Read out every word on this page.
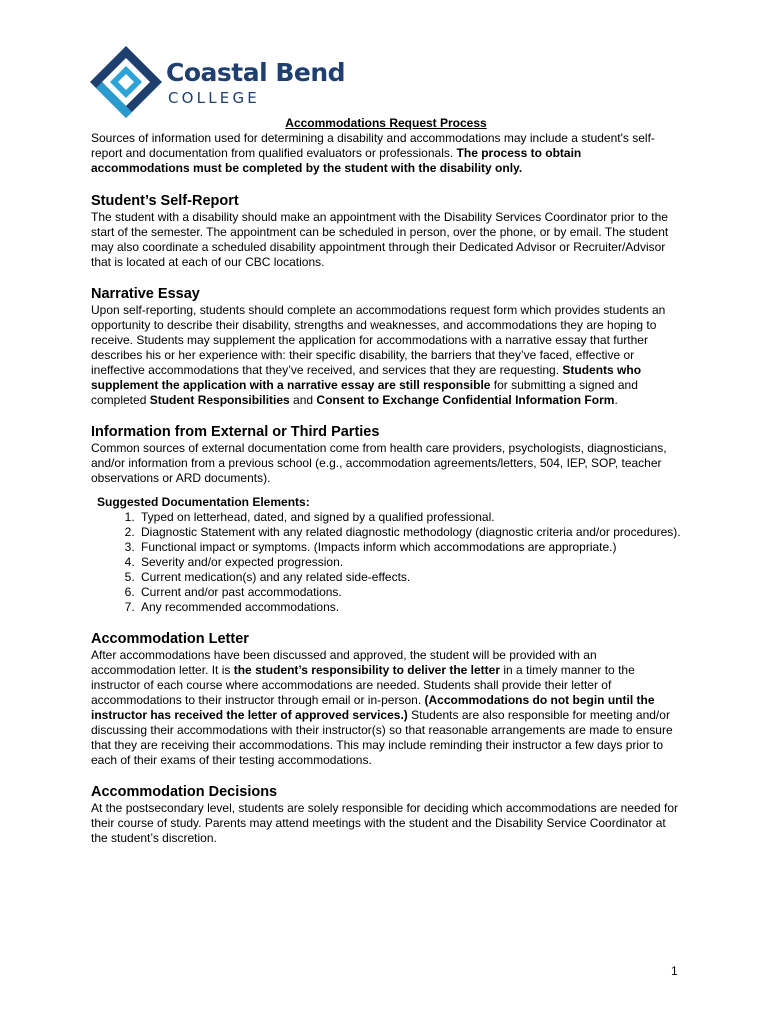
Coastal Bend
COLLEGE

Accommodations Request Process

Sources of information used for determining a disability and accommodations may include a student's self-report and documentation from qualified evaluators or professionals. The process to obtain accommodations must be completed by the student with the disability only.

Student’s Self-Report

The student with a disability should make an appointment with the Disability Services Coordinator prior to the start of the semester. The appointment can be scheduled in person, over the phone, or by email. The student may also coordinate a scheduled disability appointment through their Dedicated Advisor or Recruiter/Advisor that is located at each of our CBC locations.

Narrative Essay

Upon self-reporting, students should complete an accommodations request form which provides students an opportunity to describe their disability, strengths and weaknesses, and accommodations they are hoping to receive. Students may supplement the application for accommodations with a narrative essay that further describes his or her experience with: their specific disability, the barriers that they’ve faced, effective or ineffective accommodations that they’ve received, and services that they are requesting. Students who supplement the application with a narrative essay are still responsible for submitting a signed and completed Student Responsibilities and Consent to Exchange Confidential Information Form.

Information from External or Third Parties

Common sources of external documentation come from health care providers, psychologists, diagnosticians, and/or information from a previous school (e.g., accommodation agreements/letters, 504, IEP, SOP, teacher observations or ARD documents).

Suggested Documentation Elements:

1. Typed on letterhead, dated, and signed by a qualified professional.
2. Diagnostic Statement with any related diagnostic methodology (diagnostic criteria and/or procedures).
3. Functional impact or symptoms. (Impacts inform which accommodations are appropriate.)
4. Severity and/or expected progression.
5. Current medication(s) and any related side-effects.
6. Current and/or past accommodations.
7. Any recommended accommodations.
Accommodation Letter

After accommodations have been discussed and approved, the student will be provided with an accommodation letter. It is the student’s responsibility to deliver the letter in a timely manner to the instructor of each course where accommodations are needed. Students shall provide their letter of accommodations to their instructor through email or in-person. (Accommodations do not begin until the instructor has received the letter of approved services.) Students are also responsible for meeting and/or discussing their accommodations with their instructor(s) so that reasonable arrangements are made to ensure that they are receiving their accommodations. This may include reminding their instructor a few days prior to each of their exams of their testing accommodations.

Accommodation Decisions

At the postsecondary level, students are solely responsible for deciding which accommodations are needed for their course of study. Parents may attend meetings with the student and the Disability Service Coordinator at the student’s discretion.

1
